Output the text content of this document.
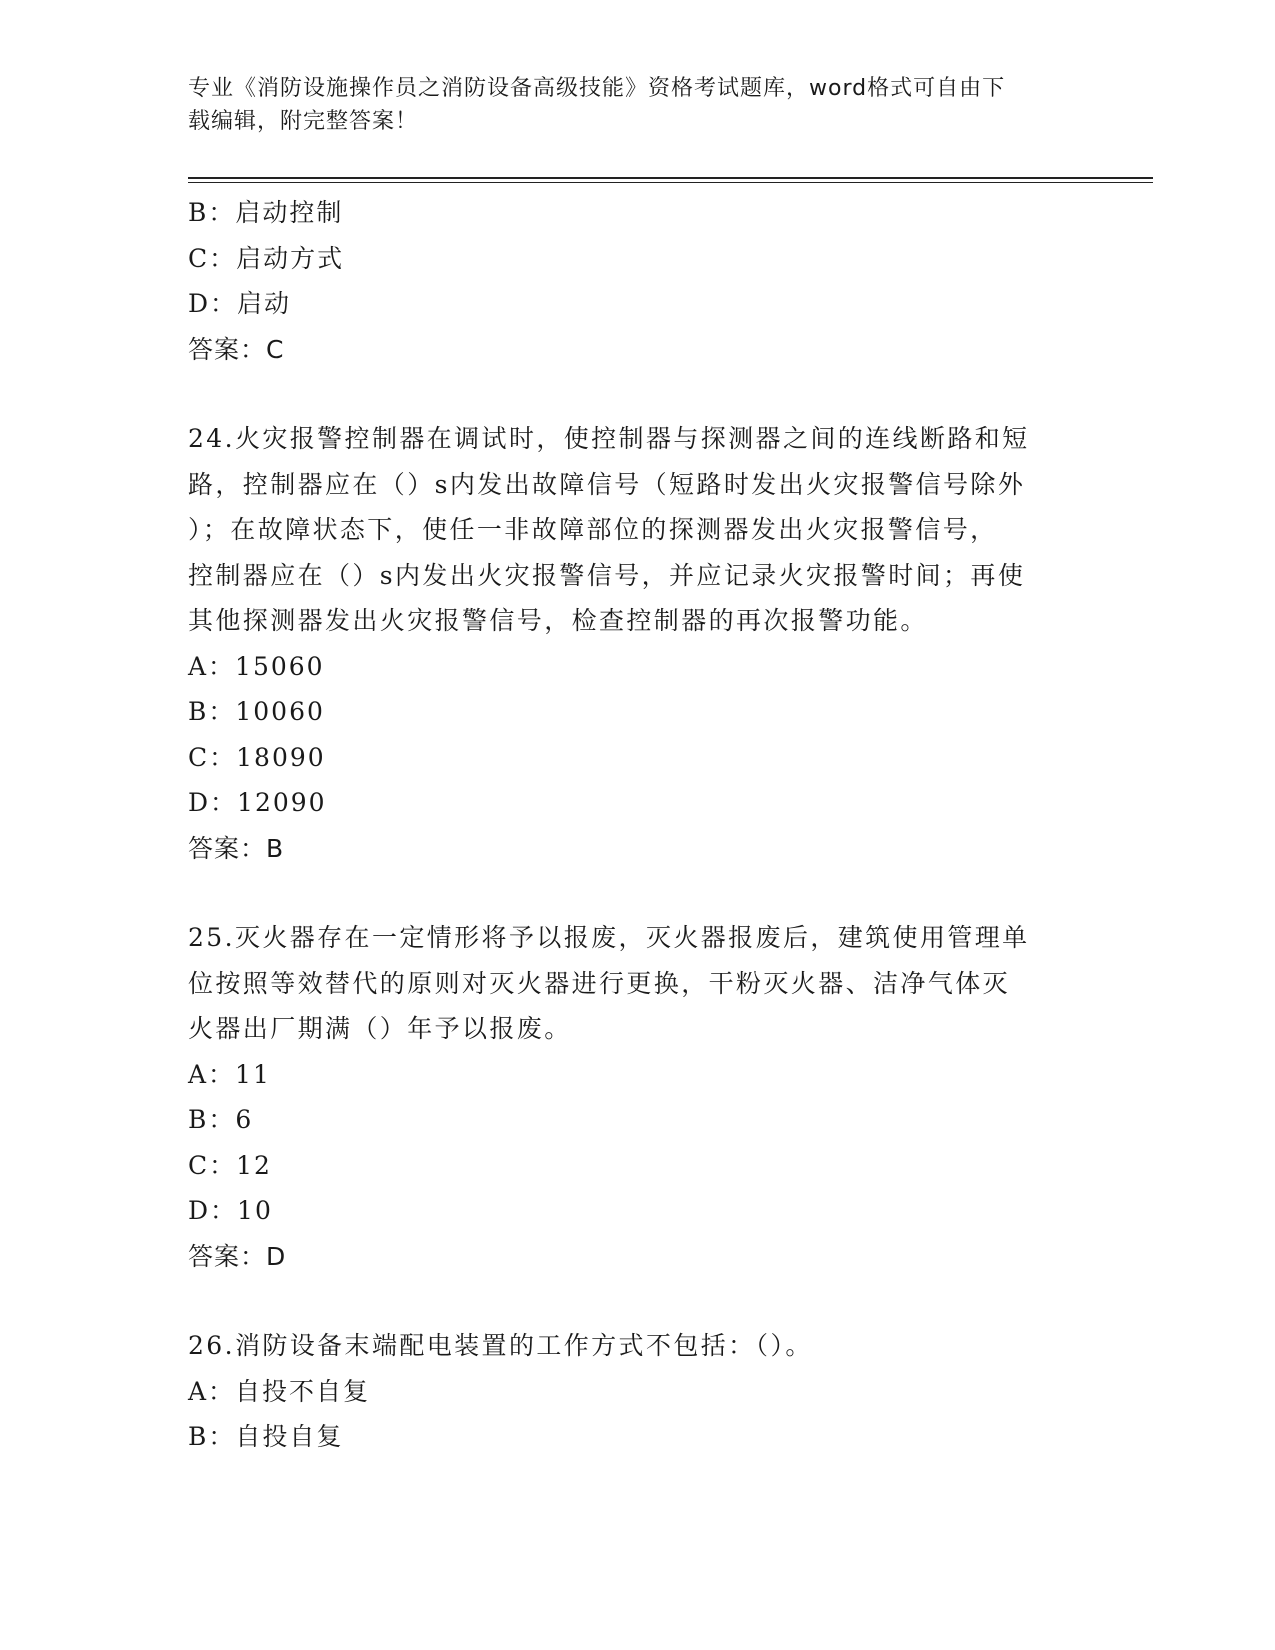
专业《消防设施操作员之消防设备高级技能》资格考试题库，word格式可自由下
载编辑，附完整答案！
B：启动控制
C：启动方式
D：启动
答案：C
24.火灾报警控制器在调试时，使控制器与探测器之间的连线断路和短
路，控制器应在（）s内发出故障信号（短路时发出火灾报警信号除外
）；在故障状态下，使任一非故障部位的探测器发出火灾报警信号，
控制器应在（）s内发出火灾报警信号，并应记录火灾报警时间；再使
其他探测器发出火灾报警信号，检查控制器的再次报警功能。
A：15060
B：10060
C：18090
D：12090
答案：B
25.灭火器存在一定情形将予以报废，灭火器报废后，建筑使用管理单
位按照等效替代的原则对灭火器进行更换，干粉灭火器、洁净气体灭
火器出厂期满（）年予以报废。
A：11
B：6
C：12
D：10
答案：D
26.消防设备末端配电装置的工作方式不包括：（）。
A：自投不自复
B：自投自复
